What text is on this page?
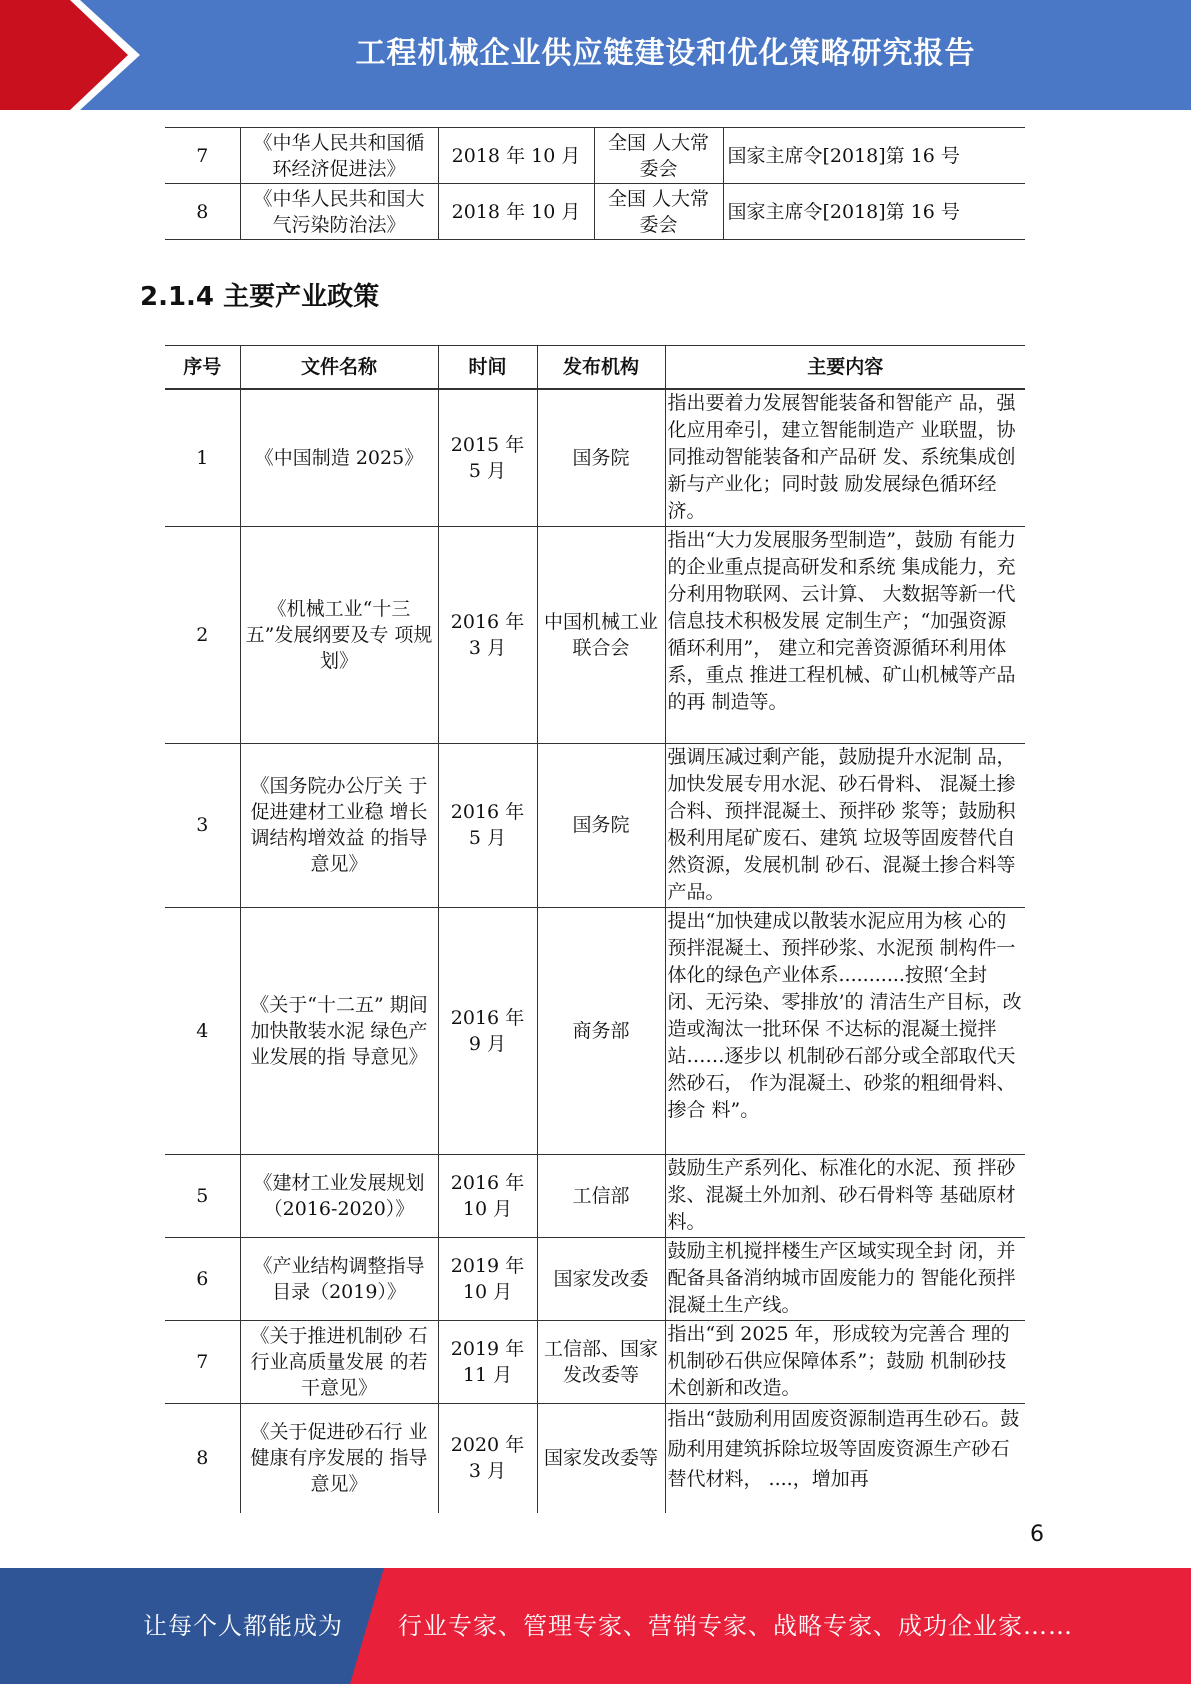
工程机械企业供应链建设和优化策略研究报告
7	《中华人民共和国循环经济促进法》	2018 年 10 月	全国 人大常委会	国家主席令[2018]第 16 号
8	《中华人民共和国大气污染防治法》	2018 年 10 月	全国 人大常委会	国家主席令[2018]第 16 号
2.1.4 主要产业政策
序号	文件名称	时间	发布机构	主要内容
1	《中国制造 2025》	2015 年 5 月	国务院	指出要着力发展智能装备和智能产 品，强化应用牵引，建立智能制造产 业联盟，协同推动智能装备和产品研 发、系统集成创新与产业化；同时鼓 励发展绿色循环经济。
2	《机械工业“十三五”发展纲要及专 项规划》	2016 年 3 月	中国机械工业联合会	指出“大力发展服务型制造”，鼓励 有能力的企业重点提高研发和系统 集成能力，充分利用物联网、云计算、 大数据等新一代信息技术积极发展 定制生产；“加强资源循环利用”， 建立和完善资源循环利用体系，重点 推进工程机械、矿山机械等产品的再 制造等。
3	《国务院办公厅关 于促进建材工业稳 增长调结构增效益 的指导意见》	2016 年 5 月	国务院	强调压减过剩产能，鼓励提升水泥制 品，加快发展专用水泥、砂石骨料、 混凝土掺合料、预拌混凝土、预拌砂 浆等；鼓励积极利用尾矿废石、建筑 垃圾等固废替代自然资源，发展机制 砂石、混凝土掺合料等产品。
4	《关于“十二五” 期间加快散装水泥 绿色产业发展的指 导意见》	2016 年 9 月	商务部	提出“加快建成以散装水泥应用为核 心的预拌混凝土、预拌砂浆、水泥预 制构件一体化的绿色产业体系...........按照‘全封闭、无污染、零排放’的 清洁生产目标，改造或淘汰一批环保 不达标的混凝土搅拌站……逐步以 机制砂石部分或全部取代天然砂石， 作为混凝土、砂浆的粗细骨料、掺合 料”。
5	《建材工业发展规划（2016-2020）》	2016 年 10 月	工信部	鼓励生产系列化、标准化的水泥、预 拌砂浆、混凝土外加剂、砂石骨料等 基础原材料。
6	《产业结构调整指导目录（2019）》	2019 年 10 月	国家发改委	鼓励主机搅拌楼生产区域实现全封 闭，并配备具备消纳城市固废能力的 智能化预拌混凝土生产线。
7	《关于推进机制砂 石行业高质量发展 的若干意见》	2019 年 11 月	工信部、国家发改委等	指出“到 2025 年，形成较为完善合 理的机制砂石供应保障体系”；鼓励 机制砂技术创新和改造。
8	《关于促进砂石行 业健康有序发展的 指导意见》	2020 年 3 月	国家发改委等	指出“鼓励利用固废资源制造再生砂石。鼓励利用建筑拆除垃圾等固废资源生产砂石替代材料， ....，增加再
6
让每个人都能成为 行业专家、管理专家、营销专家、战略专家、成功企业家……
